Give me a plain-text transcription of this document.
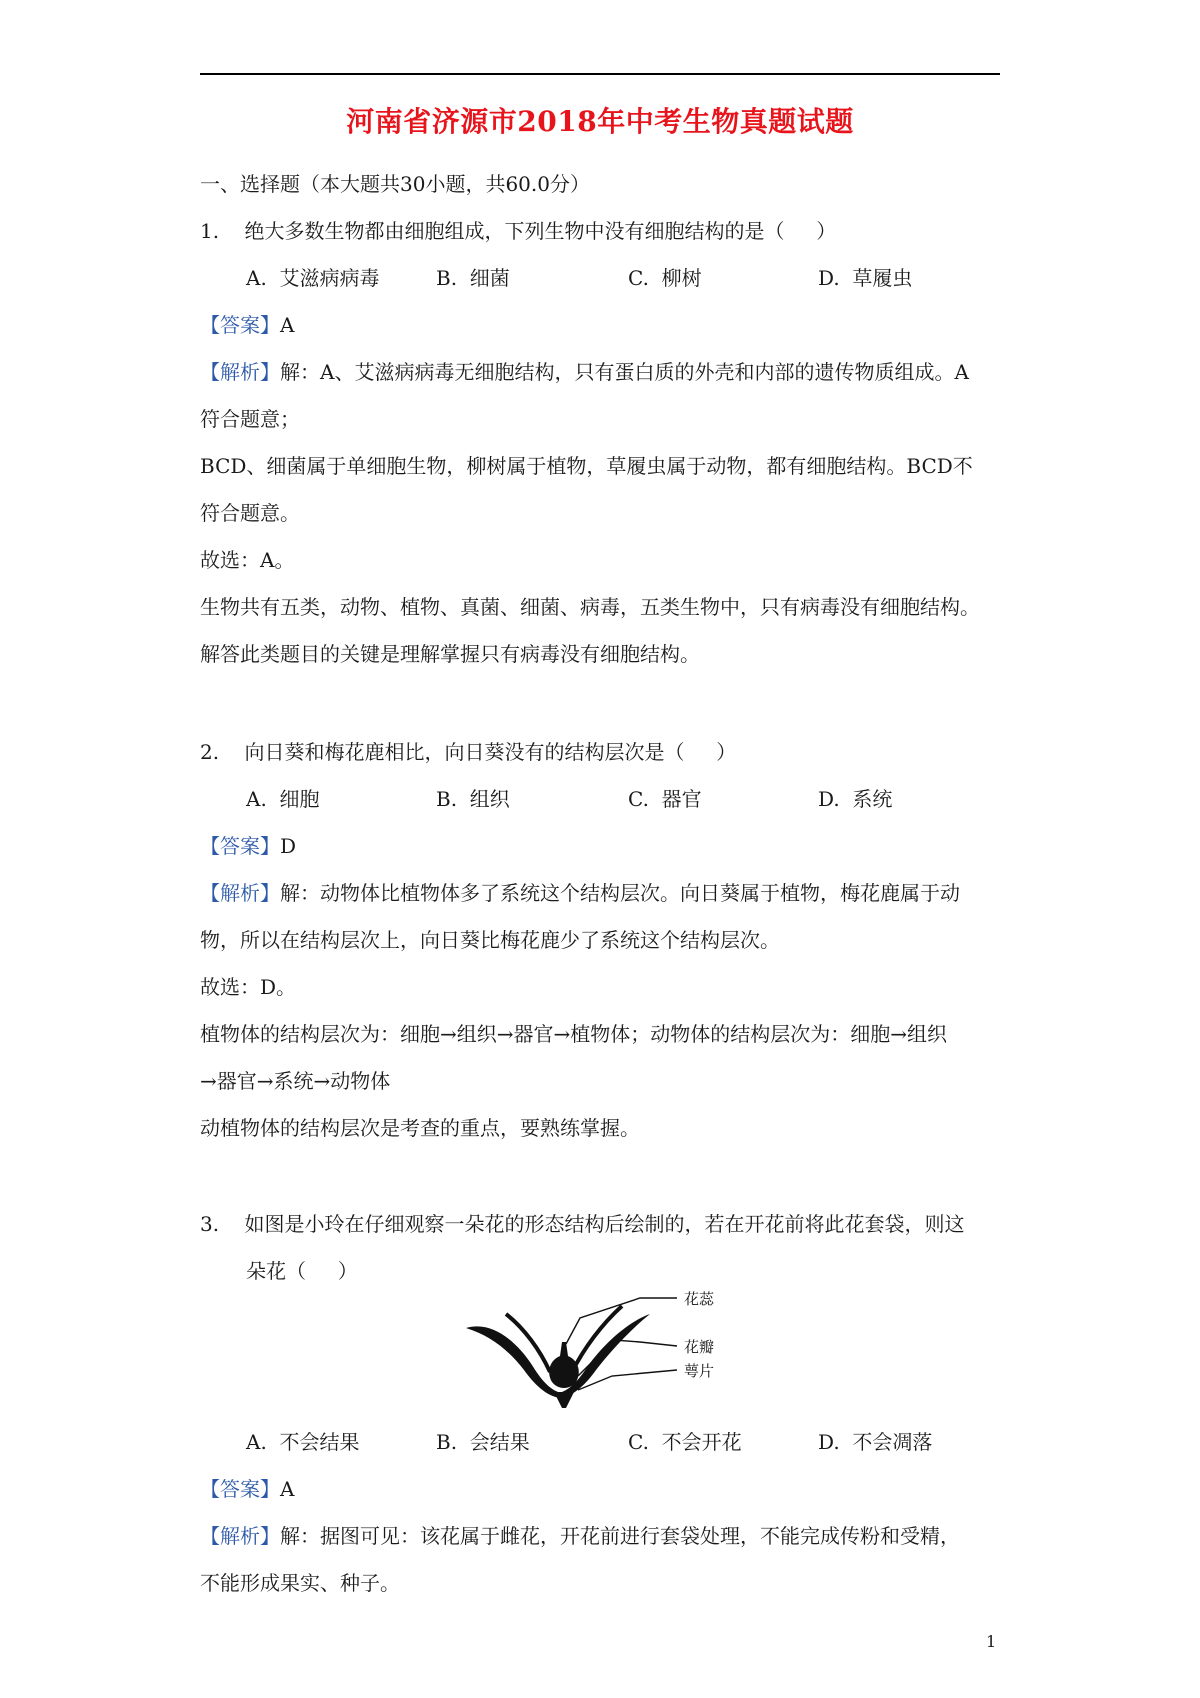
河南省济源市2018年中考生物真题试题
一、选择题（本大题共30小题，共60.0分）
1.    绝大多数生物都由细胞组成，下列生物中没有细胞结构的是（     ）
A.  艾滋病病毒	B.  细菌	C.  柳树	D.  草履虫
【答案】A
【解析】解：A、艾滋病病毒无细胞结构，只有蛋白质的外壳和内部的遗传物质组成。A
符合题意；
BCD、细菌属于单细胞生物，柳树属于植物，草履虫属于动物，都有细胞结构。BCD不
符合题意。
故选：A。
生物共有五类，动物、植物、真菌、细菌、病毒，五类生物中，只有病毒没有细胞结构。
解答此类题目的关键是理解掌握只有病毒没有细胞结构。
2.    向日葵和梅花鹿相比，向日葵没有的结构层次是（     ）
A.  细胞	B.  组织	C.  器官	D.  系统
【答案】D
【解析】解：动物体比植物体多了系统这个结构层次。向日葵属于植物，梅花鹿属于动
物，所以在结构层次上，向日葵比梅花鹿少了系统这个结构层次。
故选：D。
植物体的结构层次为：细胞→组织→器官→植物体；动物体的结构层次为：细胞→组织
→器官→系统→动物体
动植物体的结构层次是考查的重点，要熟练掌握。
3.    如图是小玲在仔细观察一朵花的形态结构后绘制的，若在开花前将此花套袋，则这
朵花（     ）
花蕊
花瓣
萼片
A.  不会结果	B.  会结果	C.  不会开花	D.  不会凋落
【答案】A
【解析】解：据图可见：该花属于雌花，开花前进行套袋处理，不能完成传粉和受精，
不能形成果实、种子。
1
